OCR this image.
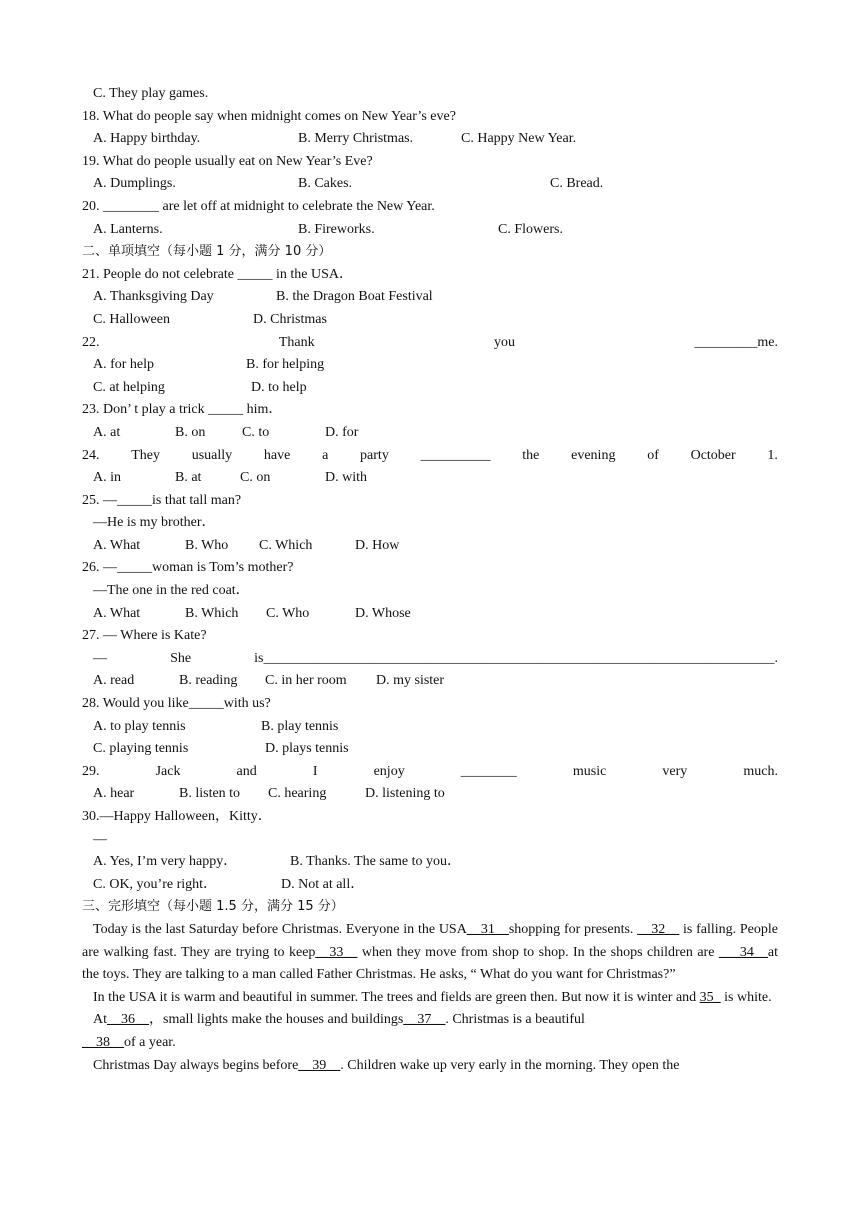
C. They play games.
18. What do people say when midnight comes on New Year’s eve?
A. Happy birthday.	B. Merry Christmas.	C. Happy New Year.
19. What do people usually eat on New Year’s Eve?
A. Dumplings.	B. Cakes.	C. Bread.
20. ________ are let off at midnight to celebrate the New Year.
A. Lanterns.	B. Fireworks.	C. Flowers.
二、单项填空（每小题 1 分，满分 10 分）
21. People do not celebrate _____ in the USA．
A. Thanksgiving Day	B. the Dragon Boat Festival
C. Halloween	D. Christmas
22.	Thank	you	_________me.
A. for help	B. for helping
C. at helping	D. to help
23. Don’ t play a trick _____ him．
A. at	B. on	C. to	D. for
24. They usually have a party __________ the evening of October 1.
A. in	B. at	C. on	D. with
25. —_____is that tall man?
—He is my brother．
A. What	B. Who C. Which	D. How
26. —_____woman is Tom’s mother?
—The one in the red coat．
A. What	B. Which C. Who	D. Whose
27. — Where is Kate?
—	She	is_________________________________________________________________________.
A. read	B. reading C. in her room D. my sister
28. Would you like_____with us?
A. to play tennis	B. play tennis
C. playing tennis	D. plays tennis
29.	Jack	and	I	enjoy	________	music	very	much.
A. hear	B. listen to C. hearing	D. listening to
30.—Happy Halloween，Kitty．
—
A. Yes, I’m very happy．	B. Thanks. The same to you．
C. OK, you’re right．	D. Not at all．
三、完形填空（每小题 1.5 分，满分 15 分）
Today is the last Saturday before Christmas. Everyone in the USA__31__shopping for presents. __32__ is falling. People are walking fast. They are trying to keep__33__ when they move from shop to shop. In the shops children are ___34__at the toys. They are talking to a man called Father Christmas. He asks, “ What do you want for Christmas?”
In the USA it is warm and beautiful in summer. The trees and fields are green then. But now it is winter and 35_ is white.
At__36__，small lights make the houses and buildings__37__. Christmas is a beautiful
__38__of a year.
Christmas Day always begins before__39__. Children wake up very early in the morning. They open the
